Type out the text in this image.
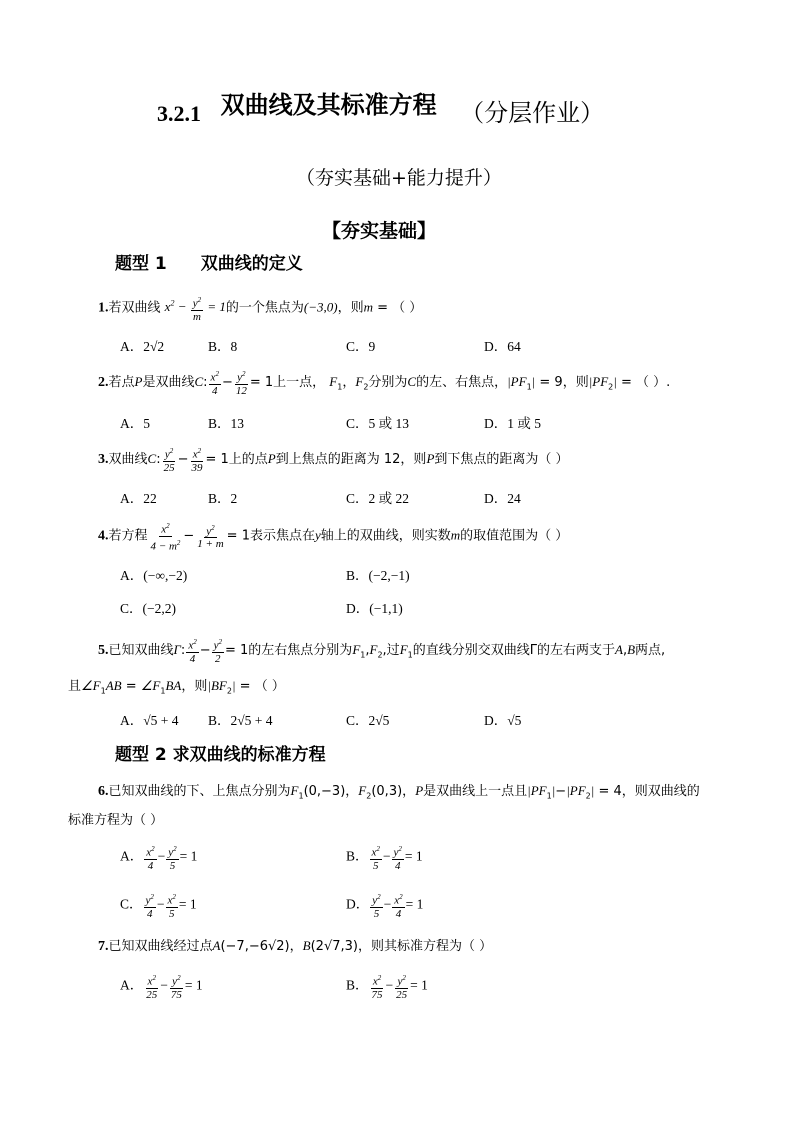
3.2.1 双曲线及其标准方程 （分层作业）
（夯实基础+能力提升）
【夯实基础】
题型 1　　双曲线的定义
1.若双曲线 $x^2 - \frac{y^2}{m} = 1$的一个焦点为(−3,0)，则m = （ ）
A．2√2	B．8	C．9	D．64
2.若点P是双曲线C: $\frac{x^2}{4} - \frac{y^2}{12} = 1$上一点， $F_1$，$F_2$分别为C的左、右焦点，$|PF_1| = 9$，则$|PF_2|$ = （ ）.
A．5	B．13	C．5 或 13	D．1 或 5
3.双曲线C: $\frac{y^2}{25} - \frac{x^2}{39} = 1$上的点P到上焦点的距离为 12，则P到下焦点的距离为（ ）
A．22	B．2	C．2 或 22	D．24
4.若方程 $\frac{x^2}{4 - m^2} - \frac{y^2}{1 + m} = 1$表示焦点在y轴上的双曲线，则实数m的取值范围为（ ）
A．(−∞,−2)	B．(−2,−1)
C．(−2,2)	D．(−1,1)
5.已知双曲线Γ: $\frac{x^2}{4} - \frac{y^2}{2} = 1$的左右焦点分别为$F_1,F_2$,过$F_1$的直线分别交双曲线Γ的左右两支于A,B两点,
且$\angle F_1AB$ = $\angle F_1BA$，则$|BF_2|$ = （ ）
A．√5 + 4 B．2√5 + 4	C．2√5	D．√5
题型 2 求双曲线的标准方程
6.已知双曲线的下、上焦点分别为$F_1(0,-3)$，$F_2(0,3)$，P是双曲线上一点且$|PF_1|-|PF_2| = 4$，则双曲线的
标准方程为（ ）
A． $\frac{x^2}{4} - \frac{y^2}{5} = 1$	B． $\frac{x^2}{5} - \frac{y^2}{4} = 1$
C． $\frac{y^2}{4} - \frac{x^2}{5} = 1$	D． $\frac{y^2}{5} - \frac{x^2}{4} = 1$
7.已知双曲线经过点A(−7,−6√2)，B(2√7,3)，则其标准方程为（ ）
A． $\frac{x^2}{25} - \frac{y^2}{75} = 1$	B． $\frac{x^2}{75} - \frac{y^2}{25} = 1$
